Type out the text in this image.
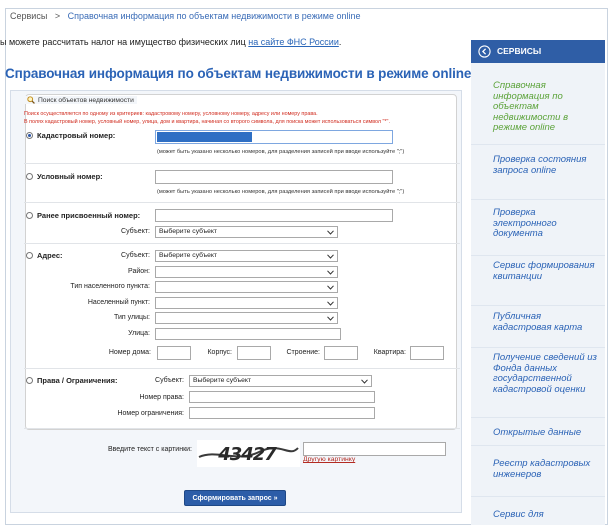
Сервисы > Справочная информация по объектам недвижимости в режиме online
ы можете рассчитать налог на имущество физических лиц на сайте ФНС России.
Справочная информация по объектам недвижимости в режиме online
Поиск объектов недвижимости
Поиск осуществляется по одному из критериев: кадастровому номеру, условному номеру, адресу или номеру права.
В полях кадастровый номер, условный номер, улица, дом и квартира, начиная со второго символа, для поиска может использоваться символ "*".
Кадастровый номер:
(может быть указано несколько номеров, для разделения записей при вводе используйте ";")
Условный номер:
(может быть указано несколько номеров, для разделения записей при вводе используйте ";")
Ранее присвоенный номер:
Субъект:	Выберите субъект
Адрес:	Субъект:	Выберите субъект
Район:
Тип населенного пункта:
Населенный пункт:
Тип улицы:
Улица:
Номер дома:	Корпус:	Строение:	Квартира:
Права / Ограничения:	Субъект:	Выберите субъект
Номер права:
Номер ограничения:
Введите текст с картинки: 43427	Другую картинку
Сформировать запрос »
СЕРВИСЫ
Справочная информация по объектам недвижимости в режиме online
Проверка состояния запроса online
Проверка электронного документа
Сервис формирования квитанции
Публичная кадастровая карта
Получение сведений из Фонда данных государственной кадастровой оценки
Открытые данные
Реестр кадастровых инженеров
Сервис для
